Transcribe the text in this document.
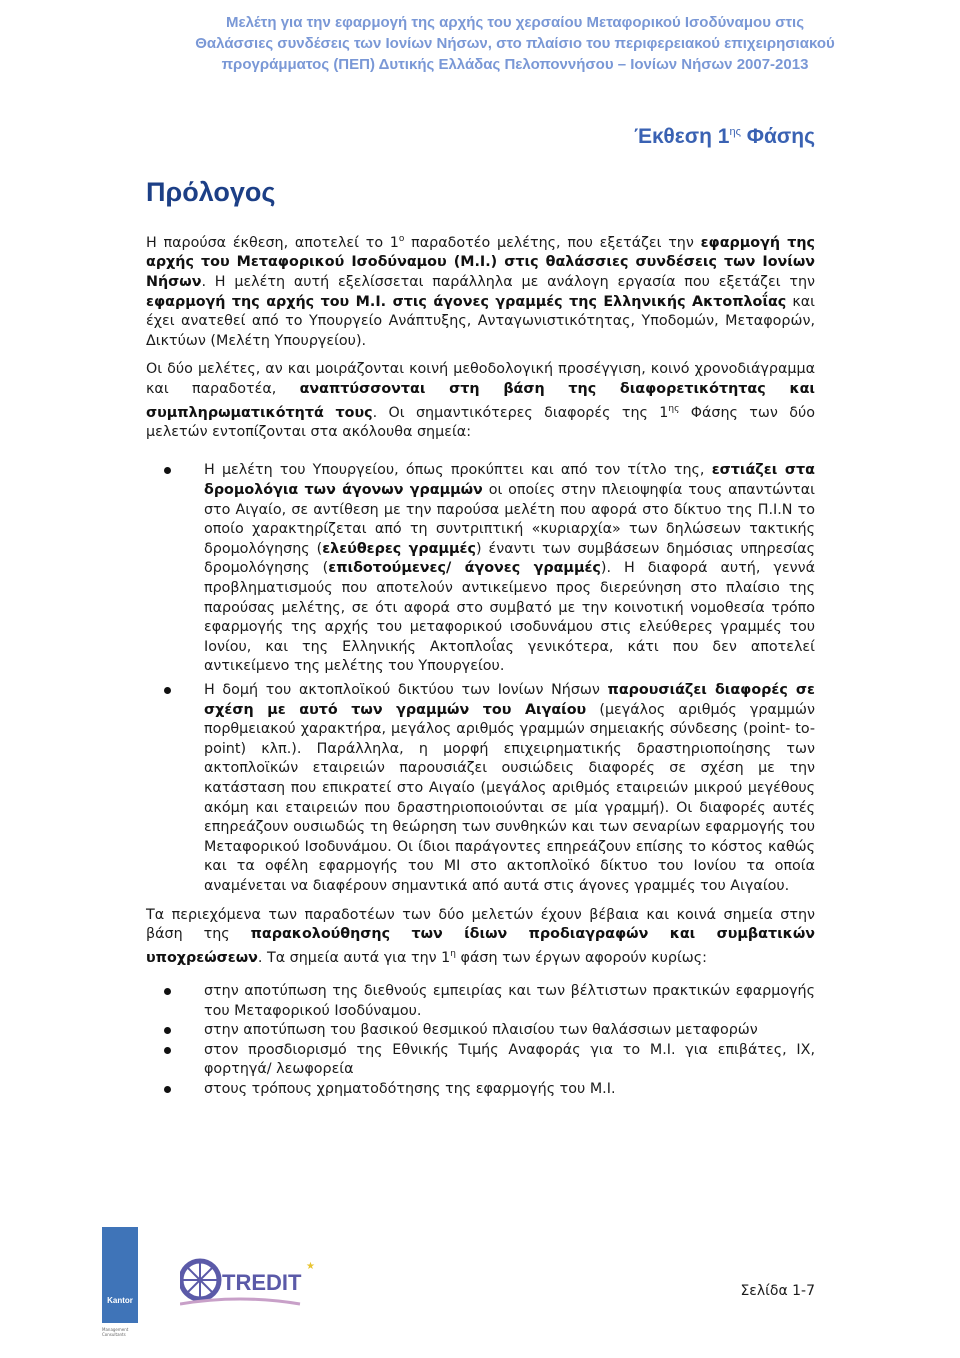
Μελέτη για την εφαρμογή της αρχής του χερσαίου Μεταφορικού Ισοδύναμου στις
Θαλάσσιες συνδέσεις των Ιονίων Νήσων, στο πλαίσιο του περιφερειακού επιχειρησιακού
προγράμματος (ΠΕΠ) Δυτικής Ελλάδας Πελοποννήσου – Ιονίων Νήσων 2007-2013
Έκθεση $1^{\eta\varsigma}$ Φάσης
Πρόλογος

Η παρούσα έκθεση, αποτελεί το $1^o$ παραδοτέο μελέτης, που εξετάζει την εφαρμογή της αρχής του Μεταφορικού Ισοδύναμου (Μ.Ι.) στις θαλάσσιες συνδέσεις των Ιονίων Νήσων. Η μελέτη αυτή εξελίσσεται παράλληλα με ανάλογη εργασία που εξετάζει την εφαρμογή της αρχής του Μ.Ι. στις άγονες γραμμές της Ελληνικής Ακτοπλοΐας και έχει ανατεθεί από το Υπουργείο Ανάπτυξης, Ανταγωνιστικότητας, Υποδομών, Μεταφορών, Δικτύων (Μελέτη Υπουργείου).

Οι δύο μελέτες, αν και μοιράζονται κοινή μεθοδολογική προσέγγιση, κοινό χρονοδιάγραμμα και παραδοτέα, αναπτύσσονται στη βάση της διαφορετικότητας και συμπληρωματικότητά τους. Οι σημαντικότερες διαφορές της $1^{\eta\varsigma}$ Φάσης των δύο μελετών εντοπίζονται στα ακόλουθα σημεία:

Η μελέτη του Υπουργείου, όπως προκύπτει και από τον τίτλο της, εστιάζει στα δρομολόγια των άγονων γραμμών οι οποίες στην πλειοψηφία τους απαντώνται στο Αιγαίο, σε αντίθεση με την παρούσα μελέτη που αφορά στο δίκτυο της Π.Ι.Ν το οποίο χαρακτηρίζεται από τη συντριπτική «κυριαρχία» των δηλώσεων τακτικής δρομολόγησης (ελεύθερες γραμμές) έναντι των συμβάσεων δημόσιας υπηρεσίας δρομολόγησης (επιδοτούμενες/ άγονες γραμμές). Η διαφορά αυτή, γεννά προβληματισμούς που αποτελούν αντικείμενο προς διερεύνηση στο πλαίσιο της παρούσας μελέτης, σε ότι αφορά στο συμβατό με την κοινοτική νομοθεσία τρόπο εφαρμογής της αρχής του μεταφορικού ισοδυνάμου στις ελεύθερες γραμμές του Ιονίου, και της Ελληνικής Ακτοπλοΐας γενικότερα, κάτι που δεν αποτελεί αντικείμενο της μελέτης του Υπουργείου.
Η δομή του ακτοπλοϊκού δικτύου των Ιονίων Νήσων παρουσιάζει διαφορές σε σχέση με αυτό των γραμμών του Αιγαίου (μεγάλος αριθμός γραμμών πορθμειακού χαρακτήρα, μεγάλος αριθμός γραμμών σημειακής σύνδεσης (point- to- point) κλπ.). Παράλληλα, η μορφή επιχειρηματικής δραστηριοποίησης των ακτοπλοϊκών εταιρειών παρουσιάζει ουσιώδεις διαφορές σε σχέση με την κατάσταση που επικρατεί στο Αιγαίο (μεγάλος αριθμός εταιρειών μικρού μεγέθους ακόμη και εταιρειών που δραστηριοποιούνται σε μία γραμμή). Οι διαφορές αυτές επηρεάζουν ουσιωδώς τη θεώρηση των συνθηκών και των σεναρίων εφαρμογής του Μεταφορικού Ισοδυνάμου. Οι ίδιοι παράγοντες επηρεάζουν επίσης το κόστος καθώς και τα οφέλη εφαρμογής του ΜΙ στο ακτοπλοϊκό δίκτυο του Ιονίου τα οποία αναμένεται να διαφέρουν σημαντικά από αυτά στις άγονες γραμμές του Αιγαίου.

Τα περιεχόμενα των παραδοτέων των δύο μελετών έχουν βέβαια και κοινά σημεία στην βάση της παρακολούθησης των ίδιων προδιαγραφών και συμβατικών υποχρεώσεων. Τα σημεία αυτά για την $1^\eta$ φάση των έργων αφορούν κυρίως:

στην αποτύπωση της διεθνούς εμπειρίας και των βέλτιστων πρακτικών εφαρμογής του Μεταφορικού Ισοδύναμου.
στην αποτύπωση του βασικού θεσμικού πλαισίου των θαλάσσιων μεταφορών
στον προσδιορισμό της Εθνικής Τιμής Αναφοράς για το Μ.Ι. για επιβάτες, ΙΧ, φορτηγά/ λεωφορεία
στους τρόπους χρηματοδότησης της εφαρμογής του Μ.Ι.
Kantor
Management Consultants
TREDIT
★
Σελίδα 1-7
